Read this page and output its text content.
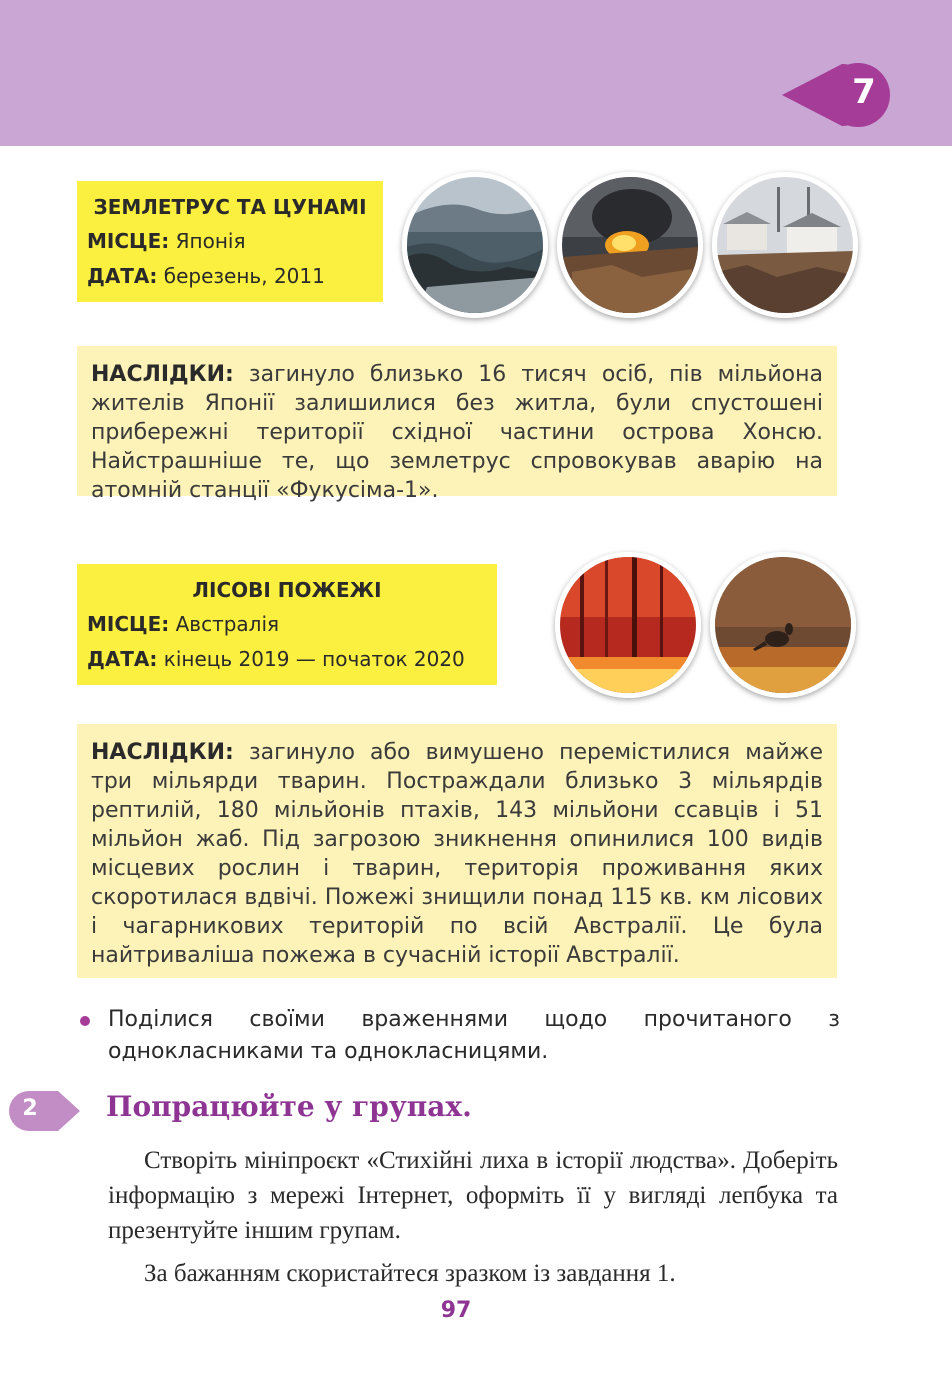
7
ЗЕМЛЕТРУС ТА ЦУНАМІ
МІСЦЕ: Японія
ДАТА: березень, 2011
НАСЛІДКИ: загинуло близько 16 тисяч осіб, пів мільйона жителів Японії залишилися без житла, були спустошені прибережні території східної частини острова Хонсю. Найстрашніше те, що землетрус спровокував аварію на атомній станції «Фукусіма-1».
ЛІСОВІ ПОЖЕЖІ
МІСЦЕ: Австралія
ДАТА: кінець 2019 — початок 2020
НАСЛІДКИ: загинуло або вимушено перемістилися майже три мільярди тварин. Постраждали близько 3 мільярдів рептилій, 180 мільйонів птахів, 143 мільйони ссавців і 51 мільйон жаб. Під загрозою зникнення опинилися 100 видів місцевих рослин і тварин, територія проживання яких скоротилася вдвічі. Пожежі знищили понад 115 кв. км лісових і чагарникових територій по всій Австралії. Це була найтриваліша пожежа в сучасній історії Австралії.
Поділися своїми враженнями щодо прочитаного з однокласниками та однокласницями.
2 Попрацюйте у групах.
Створіть мініпроєкт «Стихійні лиха в історії людства». Доберіть інформацію з мережі Інтернет, оформіть її у вигляді лепбука та презентуйте іншим групам.
За бажанням скористайтеся зразком із завдання 1.
97
